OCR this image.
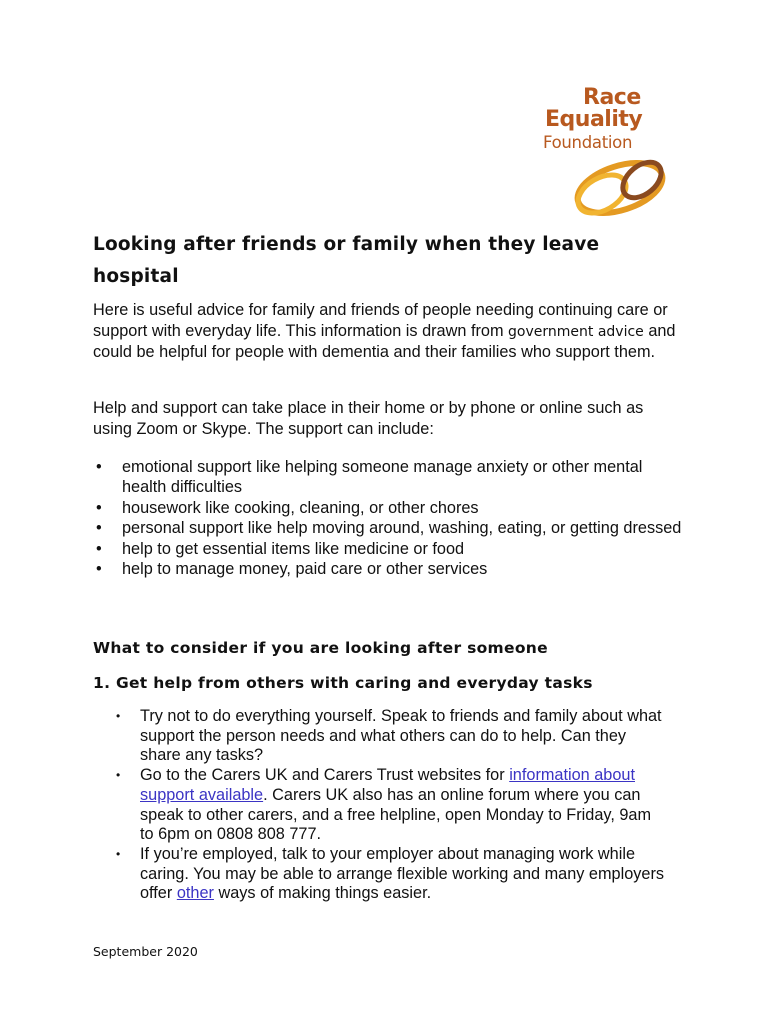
Race
Equality
Foundation
Looking after friends or family when they leave hospital

Here is useful advice for family and friends of people needing continuing care or support with everyday life. This information is drawn from government advice and could be helpful for people with dementia and their families who support them.

Help and support can take place in their home or by phone or online such as using Zoom or Skype. The support can include:

• emotional support like helping someone manage anxiety or other mental health difficulties
• housework like cooking, cleaning, or other chores
• personal support like help moving around, washing, eating, or getting dressed
• help to get essential items like medicine or food
• help to manage money, paid care or other services
What to consider if you are looking after someone
1. Get help from others with caring and everyday tasks
• Try not to do everything yourself. Speak to friends and family about what support the person needs and what others can do to help. Can they share any tasks?
• Go to the Carers UK and Carers Trust websites for information about support available. Carers UK also has an online forum where you can speak to other carers, and a free helpline, open Monday to Friday, 9am to 6pm on 0808 808 777.
• If you’re employed, talk to your employer about managing work while caring. You may be able to arrange flexible working and many employers offer other ways of making things easier.
September 2020
